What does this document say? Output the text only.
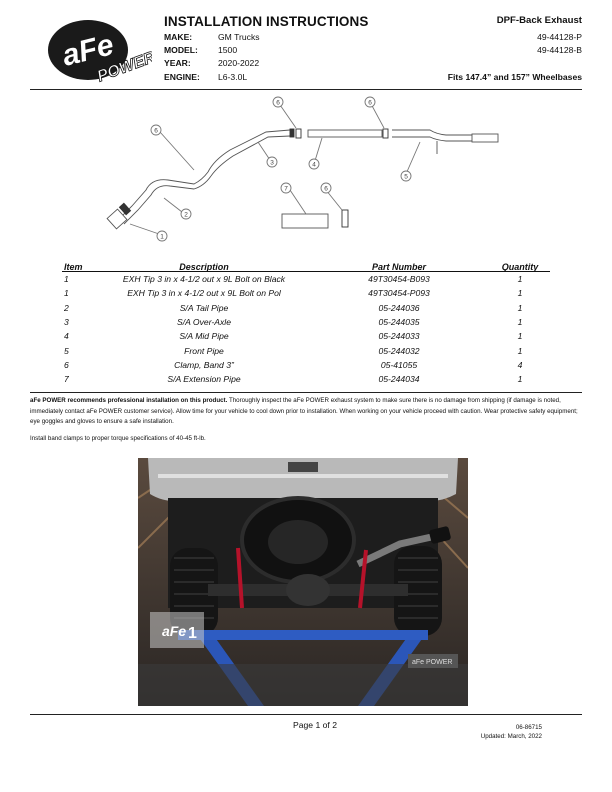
aFe
POWER
INSTALLATION INSTRUCTIONS
MAKE:	GM Trucks
MODEL: 1500
YEAR:	2020-2022
ENGINE: L6-3.0L
DPF-Back Exhaust
49-44128-P
49-44128-B
Fits 147.4” and 157” Wheelbases
1
2
3	4
5
6
6	6
6
7
Item	Description	Part Number	Quantity
1	EXH Tip 3 in x 4-1/2 out x 9L Bolt on Black	49T30454-B093	1
1	EXH Tip 3 in x 4-1/2 out x 9L Bolt on Pol	49T30454-P093	1
2	S/A Tail Pipe	05-244036	1
3	S/A Over-Axle	05-244035	1
4	S/A Mid Pipe	05-244033	1
5	Front Pipe	05-244032	1
6	Clamp, Band 3”	05-41055	4
7	S/A Extension Pipe	05-244034	1
aFe POWER recommends professional installation on this product. Thoroughly inspect the aFe POWER exhaust system to make sure there is no damage from shipping (if damage is noted, immediately contact aFe POWER customer service). Allow time for your vehicle to cool down prior to installation. When working on your vehicle proceed with caution. Wear protective safety equipment; eye goggles and gloves to ensure a safe installation.
Install band clamps to proper torque specifications of 40-45 ft-lb.
aFe 1
aFe POWER
Page 1 of 2	06-86715
Updated: March, 2022
